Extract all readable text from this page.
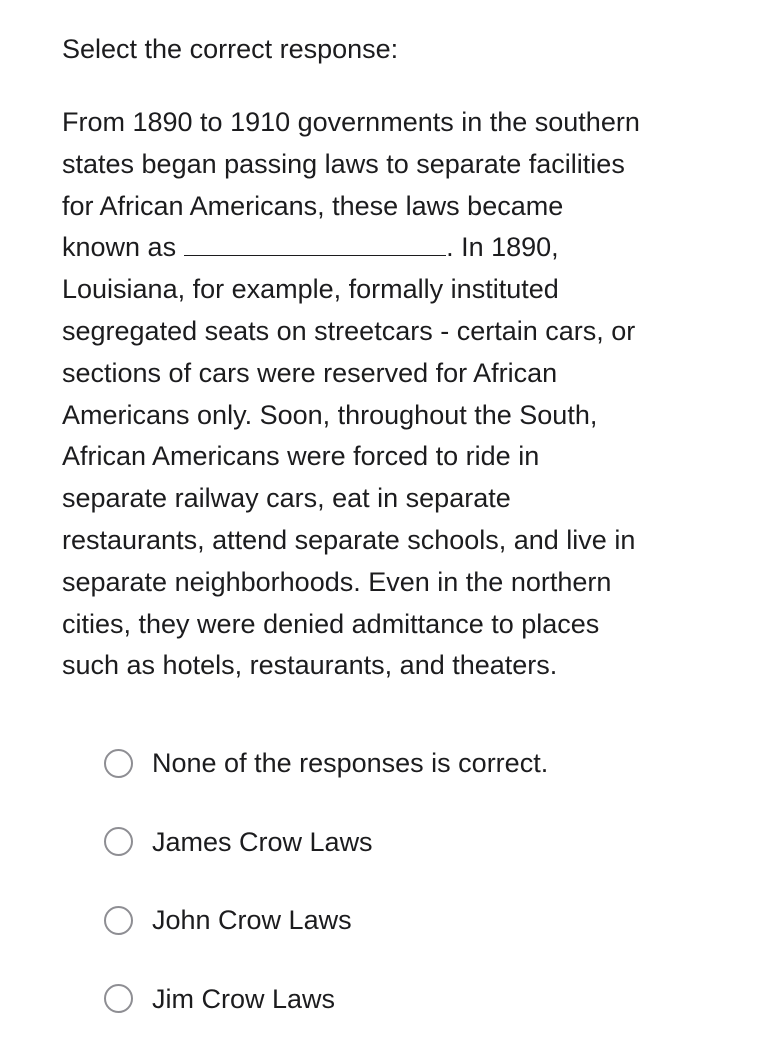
Select the correct response:

From 1890 to 1910 governments in the southern
states began passing laws to separate facilities
for African Americans, these laws became
known as	. In 1890,
Louisiana, for example, formally instituted
segregated seats on streetcars - certain cars, or
sections of cars were reserved for African
Americans only. Soon, throughout the South,
African Americans were forced to ride in
separate railway cars, eat in separate
restaurants, attend separate schools, and live in
separate neighborhoods. Even in the northern
cities, they were denied admittance to places
such as hotels, restaurants, and theaters.

None of the responses is correct.
James Crow Laws
John Crow Laws
Jim Crow Laws
